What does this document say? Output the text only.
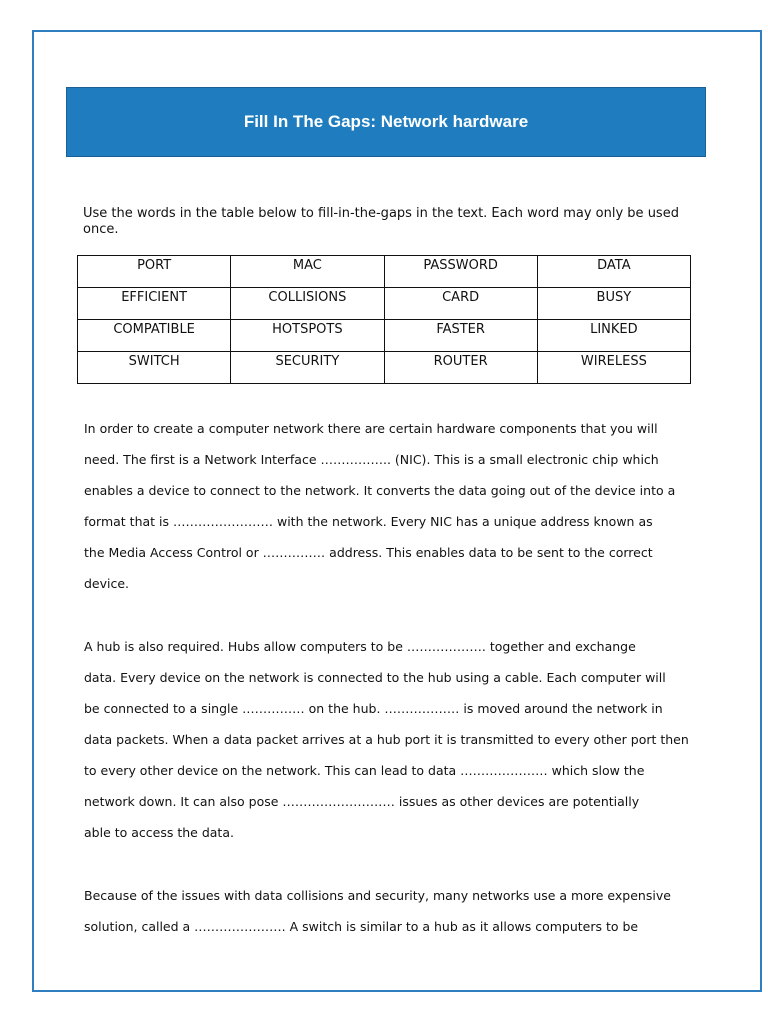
Fill In The Gaps: Network hardware
Use the words in the table below to fill-in-the-gaps in the text. Each word may only be used once.
PORT	MAC	PASSWORD	DATA
EFFICIENT	COLLISIONS	CARD	BUSY
COMPATIBLE	HOTSPOTS	FASTER	LINKED
SWITCH	SECURITY	ROUTER	WIRELESS
In order to create a computer network there are certain hardware components that you will
need. The first is a Network Interface …………….. (NIC). This is a small electronic chip which
enables a device to connect to the network. It converts the data going out of the device into a
format that is …………………… with the network. Every NIC has a unique address known as
the Media Access Control or …………… address. This enables data to be sent to the correct
device.
A hub is also required. Hubs allow computers to be ………………. together and exchange
data. Every device on the network is connected to the hub using a cable. Each computer will
be connected to a single …………… on the hub. ……………… is moved around the network in
data packets. When a data packet arrives at a hub port it is transmitted to every other port then
to every other device on the network. This can lead to data ………………… which slow the
network down. It can also pose ……………………… issues as other devices are potentially
able to access the data.
Because of the issues with data collisions and security, many networks use a more expensive
solution, called a …………………. A switch is similar to a hub as it allows computers to be
